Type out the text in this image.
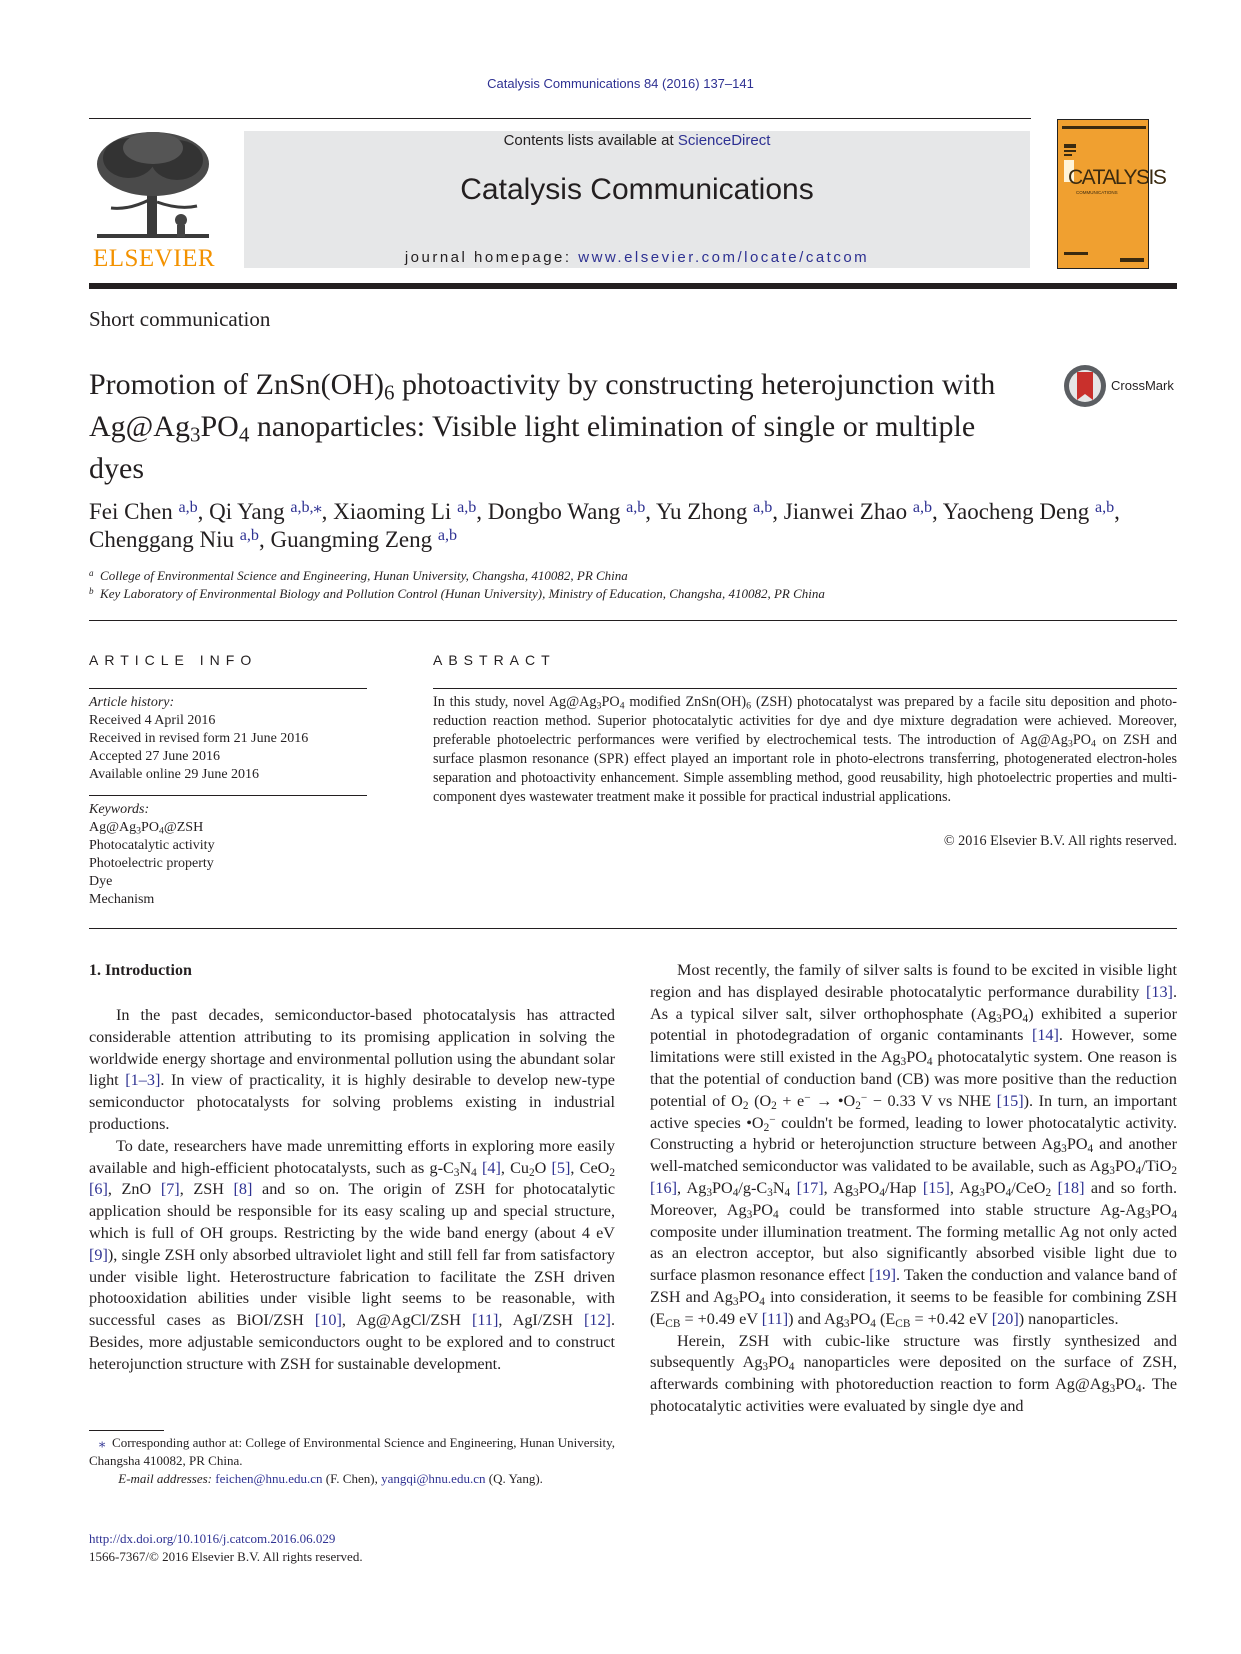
Catalysis Communications 84 (2016) 137–141
ELSEVIER
Contents lists available at ScienceDirect
Catalysis Communications
journal homepage: www.elsevier.com/locate/catcom
CATALYSIS
COMMUNICATIONS
Short communication
Promotion of $ZnSn(OH)_6$ photoactivity by constructing heterojunction with $Ag@Ag_3PO_4$ nanoparticles: Visible light elimination of single or multiple dyes
CrossMark
Fei Chen $^{a,b}$, Qi Yang $^{a,b,⁎}$, Xiaoming Li $^{a,b}$, Dongbo Wang $^{a,b}$, Yu Zhong $^{a,b}$, Jianwei Zhao $^{a,b}$, Yaocheng Deng $^{a,b}$,
Chenggang Niu $^{a,b}$, Guangming Zeng $^{a,b}$
$^a$ College of Environmental Science and Engineering, Hunan University, Changsha, 410082, PR China
$^b$ Key Laboratory of Environmental Biology and Pollution Control (Hunan University), Ministry of Education, Changsha, 410082, PR China
ARTICLE INFO
Article history:
Received 4 April 2016
Received in revised form 21 June 2016
Accepted 27 June 2016
Available online 29 June 2016
Keywords:
$Ag@Ag_3PO_4@ZSH$
Photocatalytic activity
Photoelectric property
Dye
Mechanism
ABSTRACT
In this study, novel $Ag@Ag_3PO_4$ modified $ZnSn(OH)_6$ (ZSH) photocatalyst was prepared by a facile situ deposition and photo-reduction reaction method. Superior photocatalytic activities for dye and dye mixture degradation were achieved. Moreover, preferable photoelectric performances were verified by electrochemical tests. The introduction of $Ag@Ag_3PO_4$ on ZSH and surface plasmon resonance (SPR) effect played an important role in photo-electrons transferring, photogenerated electron-holes separation and photoactivity enhancement. Simple assembling method, good reusability, high photoelectric properties and multi-component dyes wastewater treatment make it possible for practical industrial applications.
© 2016 Elsevier B.V. All rights reserved.
1. Introduction

In the past decades, semiconductor-based photocatalysis has attracted considerable attention attributing to its promising application in solving the worldwide energy shortage and environmental pollution using the abundant solar light [1–3]. In view of practicality, it is highly desirable to develop new-type semiconductor photocatalysts for solving problems existing in industrial productions.

To date, researchers have made unremitting efforts in exploring more easily available and high-efficient photocatalysts, such as $g-C_3N_4$ [4], $Cu_2O$ [5], CeO$_2$ [6], ZnO [7], ZSH [8] and so on. The origin of ZSH for photocatalytic application should be responsible for its easy scaling up and special structure, which is full of OH groups. Restricting by the wide band energy (about 4 eV [9]), single ZSH only absorbed ultraviolet light and still fell far from satisfactory under visible light. Heterostructure fabrication to facilitate the ZSH driven photooxidation abilities under visible light seems to be reasonable, with successful cases as BiOI/ZSH [10], Ag@AgCl/ZSH [11], AgI/ZSH [12]. Besides, more adjustable semiconductors ought to be explored and to construct heterojunction structure with ZSH for sustainable development.

Most recently, the family of silver salts is found to be excited in visible light region and has displayed desirable photocatalytic performance durability [13]. As a typical silver salt, silver orthophosphate $(Ag_3PO_4)$ exhibited a superior potential in photodegradation of organic contaminants [14]. However, some limitations were still existed in the $Ag_3PO_4$ photocatalytic system. One reason is that the potential of conduction band (CB) was more positive than the reduction potential of $O_2$ ($O_2 + e^-$ → $•O_2^- - 0.33$ V vs NHE [15]). In turn, an important active species $•O_2^-$ couldn't be formed, leading to lower photocatalytic activity. Constructing a hybrid or heterojunction structure between $Ag_3PO_4$ and another well-matched semiconductor was validated to be available, such as $Ag_3PO_4/TiO_2$ [16], $Ag_3PO_4/g-C_3N_4$ [17], $Ag_3PO_4$/Hap [15], $Ag_3PO_4/CeO_2$ [18] and so forth. Moreover, $Ag_3PO_4$ could be transformed into stable structure $Ag-Ag_3PO_4$ composite under illumination treatment. The forming metallic Ag not only acted as an electron acceptor, but also significantly absorbed visible light due to surface plasmon resonance effect [19]. Taken the conduction and valance band of ZSH and $Ag_3PO_4$ into consideration, it seems to be feasible for combining ZSH ($E_{CB} = +0.49$ eV [11]) and $Ag_3PO_4$ ($E_{CB} = +0.42$ eV [20]) nanoparticles.

Herein, ZSH with cubic-like structure was firstly synthesized and subsequently $Ag_3PO_4$ nanoparticles were deposited on the surface of ZSH, afterwards combining with photoreduction reaction to form $Ag@Ag_3PO_4$. The photocatalytic activities were evaluated by single dye and

⁎ Corresponding author at: College of Environmental Science and Engineering, Hunan University, Changsha 410082, PR China.
E-mail addresses: feichen@hnu.edu.cn (F. Chen), yangqi@hnu.edu.cn (Q. Yang).
http://dx.doi.org/10.1016/j.catcom.2016.06.029
1566-7367/© 2016 Elsevier B.V. All rights reserved.
